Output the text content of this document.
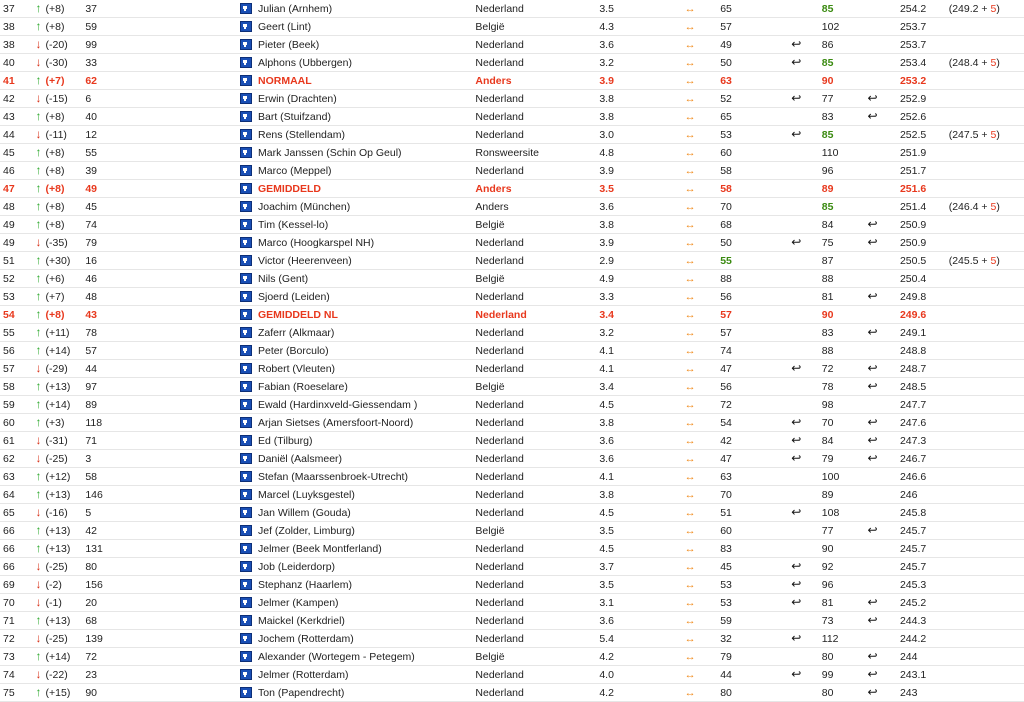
37	↑ (+8)	37		Julian (Arnhem)	Nederland	3.5	↔	65		85		254.2	(249.2 + 5)
38	↑ (+8)	59		Geert (Lint)	België	4.3	↔	57		102		253.7	
38	↓ (-20)	99		Pieter (Beek)	Nederland	3.6	↔	49	↩	86		253.7	
40	↓ (-30)	33		Alphons (Ubbergen)	Nederland	3.2	↔	50	↩	85		253.4	(248.4 + 5)
41	↑ (+7)	62		NORMAAL	Anders	3.9	↔	63		90		253.2	
42	↓ (-15)	6		Erwin (Drachten)	Nederland	3.8	↔	52	↩	77	↩	252.9	
43	↑ (+8)	40		Bart (Stuifzand)	Nederland	3.8	↔	65		83	↩	252.6	
44	↓ (-11)	12		Rens (Stellendam)	Nederland	3.0	↔	53	↩	85		252.5	(247.5 + 5)
45	↑ (+8)	55		Mark Janssen (Schin Op Geul)	Ronsweersite	4.8	↔	60		110		251.9	
46	↑ (+8)	39		Marco (Meppel)	Nederland	3.9	↔	58		96		251.7	
47	↑ (+8)	49		GEMIDDELD	Anders	3.5	↔	58		89		251.6	
48	↑ (+8)	45		Joachim (München)	Anders	3.6	↔	70		85		251.4	(246.4 + 5)
49	↑ (+8)	74		Tim (Kessel-lo)	België	3.8	↔	68		84	↩	250.9	
49	↓ (-35)	79		Marco (Hoogkarspel NH)	Nederland	3.9	↔	50	↩	75	↩	250.9	
51	↑ (+30)	16		Victor (Heerenveen)	Nederland	2.9	↔	55		87		250.5	(245.5 + 5)
52	↑ (+6)	46		Nils (Gent)	België	4.9	↔	88		88		250.4	
53	↑ (+7)	48		Sjoerd (Leiden)	Nederland	3.3	↔	56		81	↩	249.8	
54	↑ (+8)	43		GEMIDDELD NL	Nederland	3.4	↔	57		90		249.6	
55	↑ (+11)	78		Zaferr (Alkmaar)	Nederland	3.2	↔	57		83	↩	249.1	
56	↑ (+14)	57		Peter (Borculo)	Nederland	4.1	↔	74		88		248.8	
57	↓ (-29)	44		Robert (Vleuten)	Nederland	4.1	↔	47	↩	72	↩	248.7	
58	↑ (+13)	97		Fabian (Roeselare)	België	3.4	↔	56		78	↩	248.5	
59	↑ (+14)	89		Ewald (Hardinxveld-Giessendam )	Nederland	4.5	↔	72		98		247.7	
60	↑ (+3)	118		Arjan Sietses (Amersfoort-Noord)	Nederland	3.8	↔	54	↩	70	↩	247.6	
61	↓ (-31)	71		Ed (Tilburg)	Nederland	3.6	↔	42	↩	84	↩	247.3	
62	↓ (-25)	3		Daniël (Aalsmeer)	Nederland	3.6	↔	47	↩	79	↩	246.7	
63	↑ (+12)	58		Stefan (Maarssenbroek-Utrecht)	Nederland	4.1	↔	63		100		246.6	
64	↑ (+13)	146		Marcel (Luyksgestel)	Nederland	3.8	↔	70		89		246	
65	↓ (-16)	5		Jan Willem (Gouda)	Nederland	4.5	↔	51	↩	108		245.8	
66	↑ (+13)	42		Jef (Zolder, Limburg)	België	3.5	↔	60		77	↩	245.7	
66	↑ (+13)	131		Jelmer (Beek Montferland)	Nederland	4.5	↔	83		90		245.7	
66	↓ (-25)	80		Job (Leiderdorp)	Nederland	3.7	↔	45	↩	92		245.7	
69	↓ (-2)	156		Stephanz (Haarlem)	Nederland	3.5	↔	53	↩	96		245.3	
70	↓ (-1)	20		Jelmer (Kampen)	Nederland	3.1	↔	53	↩	81	↩	245.2	
71	↑ (+13)	68		Maickel (Kerkdriel)	Nederland	3.6	↔	59		73	↩	244.3	
72	↓ (-25)	139		Jochem (Rotterdam)	Nederland	5.4	↔	32	↩	112		244.2	
73	↑ (+14)	72		Alexander (Wortegem - Petegem)	België	4.2	↔	79		80	↩	244	
74	↓ (-22)	23		Jelmer (Rotterdam)	Nederland	4.0	↔	44	↩	99	↩	243.1	
75	↑ (+15)	90		Ton (Papendrecht)	Nederland	4.2	↔	80		80	↩	243	
